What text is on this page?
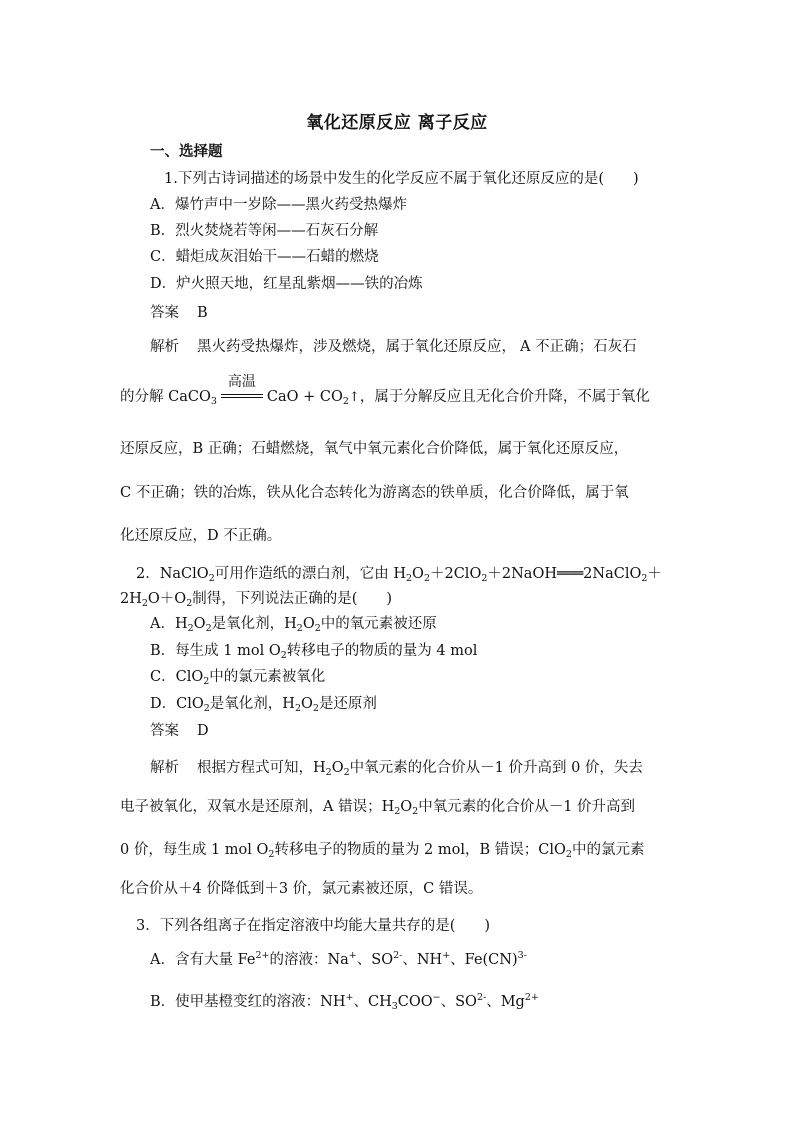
氧化还原反应 离子反应
一、选择题
1.下列古诗词描述的场景中发生的化学反应不属于氧化还原反应的是(　　)
A．爆竹声中一岁除——黑火药受热爆炸
B．烈火焚烧若等闲——石灰石分解
C．蜡炬成灰泪始干——石蜡的燃烧
D．炉火照天地，红星乱紫烟——铁的冶炼
答案 B
解析 黑火药受热爆炸，涉及燃烧，属于氧化还原反应， A 不正确；石灰石
的分解 CaCO$_3$
高温
CaO + $CO_2↑$，属于分解反应且无化合价升降，不属于氧化
还原反应，B 正确；石蜡燃烧，氧气中氧元素化合价降低，属于氧化还原反应，
C 不正确；铁的冶炼，铁从化合态转化为游离态的铁单质，化合价降低，属于氧
化还原反应，D 不正确。
2．NaClO$_2$可用作造纸的漂白剂，它由 $H_2O_2+2ClO_2+2NaOH═══2NaClO_2+$
$2H_2O+O_2$制得，下列说法正确的是(　　)
A．$H_2O_2$是氧化剂，$H_2O_2$中的氧元素被还原
B．每生成 1 mol $O_2$转移电子的物质的量为 4 mol
C．ClO$_2$中的氯元素被氧化
D．ClO$_2$是氧化剂，$H_2O_2$是还原剂
答案 D
解析 根据方程式可知，$H_2O_2$中氧元素的化合价从－1 价升高到 0 价，失去
电子被氧化，双氧水是还原剂，A 错误；$H_2O_2$中氧元素的化合价从－1 价升高到
0 价，每生成 1 mol $O_2$转移电子的物质的量为 2 mol，B 错误；ClO$_2$中的氯元素
化合价从＋4 价降低到＋3 价，氯元素被还原，C 错误。
3．下列各组离子在指定溶液中均能大量共存的是(　　)
A．含有大量 $Fe^{2+}$的溶液：Na+、$SO^{2-}$、NH+、Fe(CN)$^{3-}$
B．使甲基橙变红的溶液：NH+、$CH_3COO^-$、$SO^{2-}$、$Mg^{2+}$
